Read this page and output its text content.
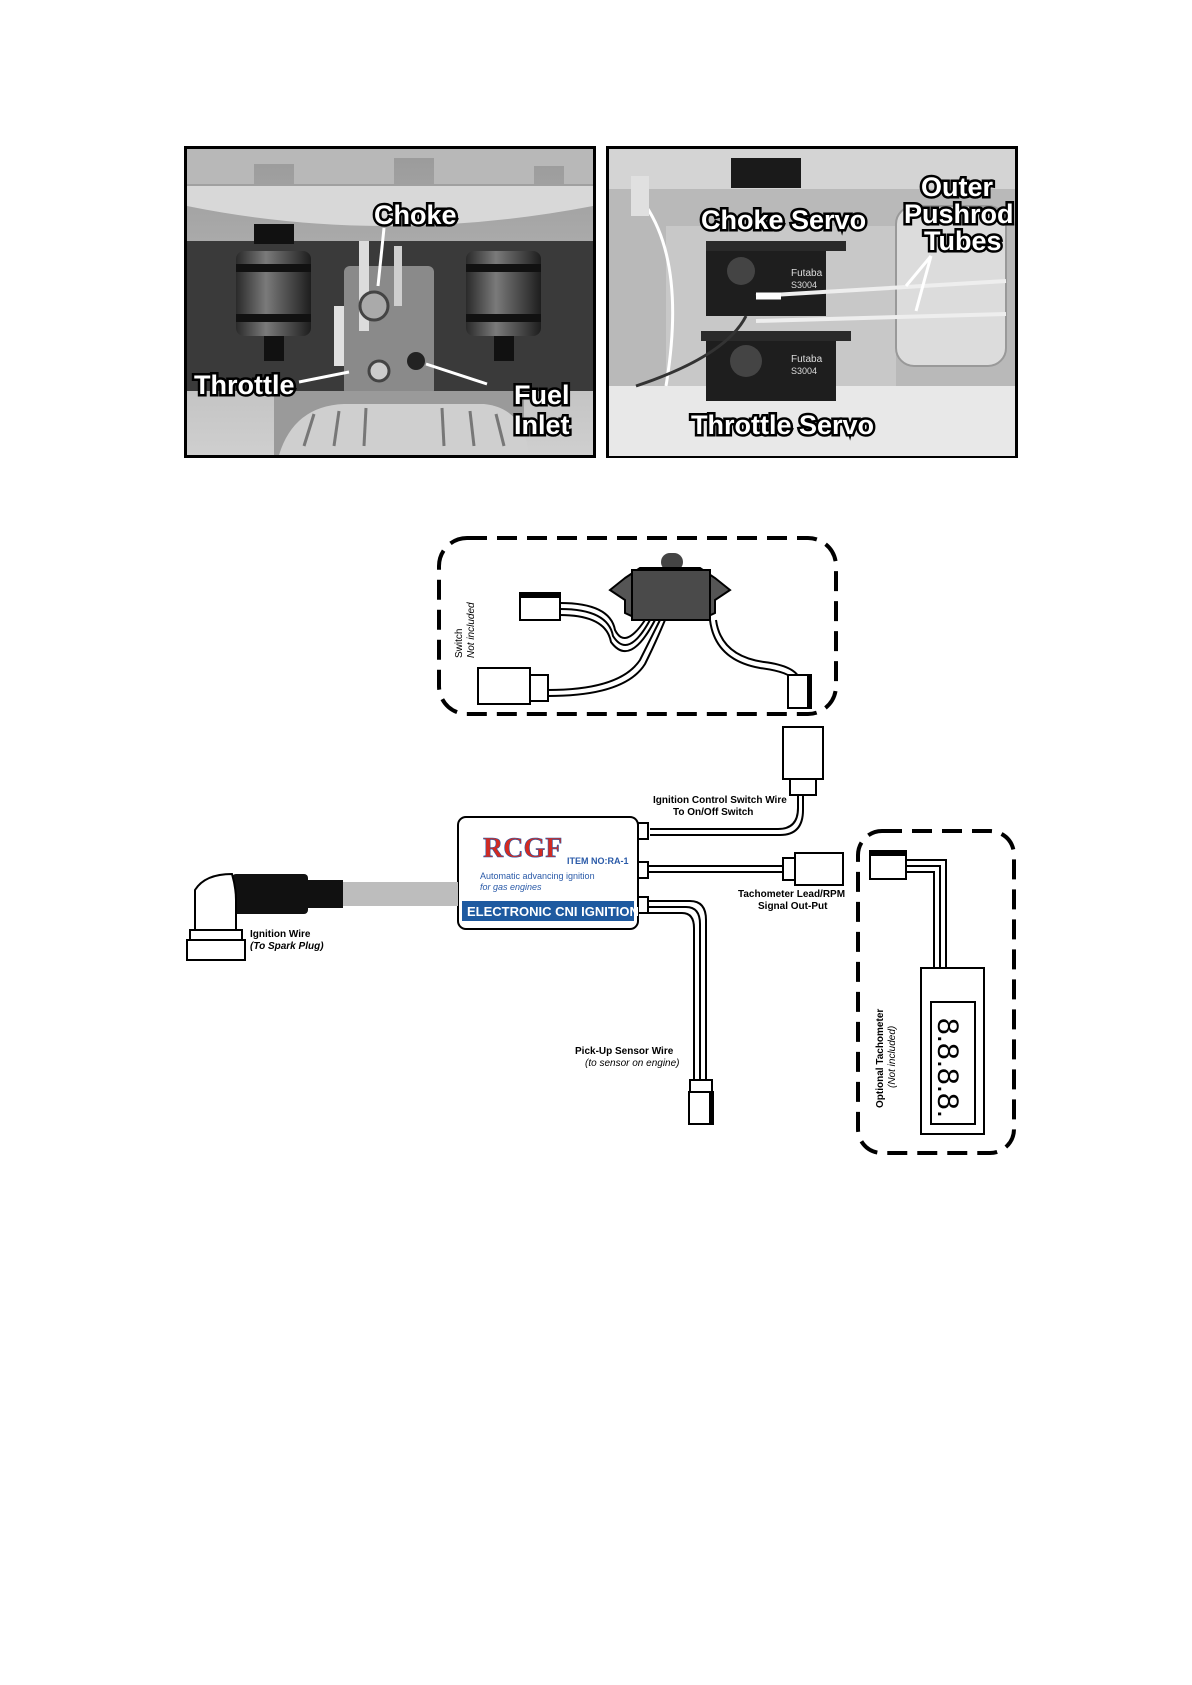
Choke
Throttle	Fuel
Inlet
Futaba
S3004
Futaba
S3004
Choke Servo
Outer
Pushrod
Tubes
Throttle Servo
Switch Not included
Ignition Control Switch Wire
To On/Off Switch
RCGF ITEM NO:RA-1
Automatic advancing ignition
for gas engines
ELECTRONIC CNI IGNITION
Tachometer Lead/RPM
Signal Out-Put
Pick-Up Sensor Wire
(to sensor on engine)
Ignition Wire
(To Spark Plug)
8.8.8.8.
Optional Tachometer (Not included)
